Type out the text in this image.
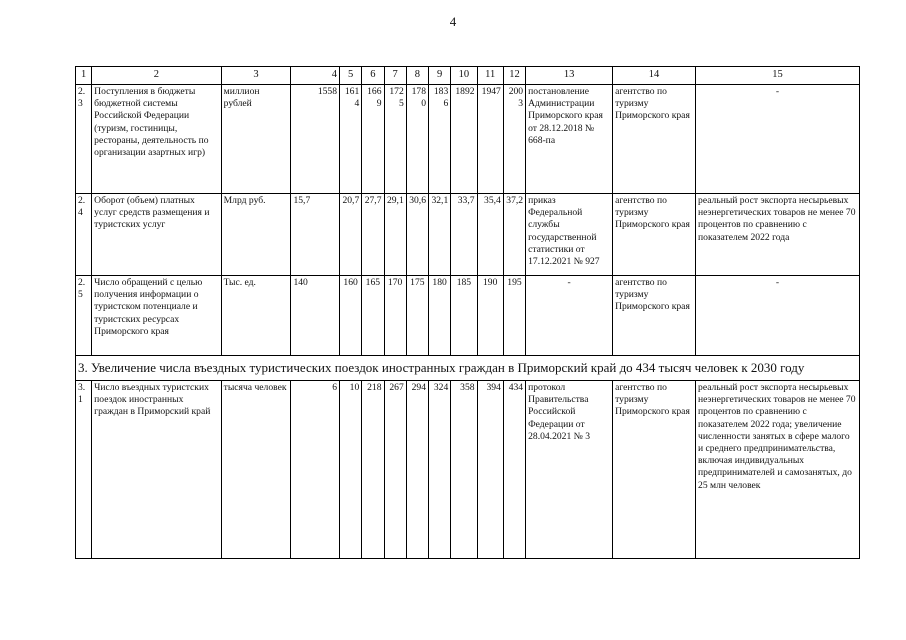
4
1	2	3	4	5	6	7	8	9	10	11	12	13	14	15
2.3	Поступления в бюджеты бюджетной системы Российской Федерации (туризм, гостиницы, рестораны, деятельность по организации азартных игр)	миллион рублей	1558	1614	1669	1725	1780	1836	1892	1947	2003	постановление Администрации Приморского края от 28.12.2018 № 668-па	агентство по туризму Приморского края	-
2.4	Оборот (объем) платных услуг средств размещения и туристских услуг	Млрд руб.	15,7	20,7	27,7	29,1	30,6	32,1	33,7	35,4	37,2	приказ Федеральной службы государственной статистики от 17.12.2021 № 927	агентство по туризму Приморского края	реальный рост экспорта несырьевых неэнергетических товаров не менее 70 процентов по сравнению с показателем 2022 года
2.5	Число обращений с целью получения информации о туристском потенциале и туристских ресурсах Приморского края	Тыс. ед.	140	160	165	170	175	180	185	190	195	-	агентство по туризму Приморского края	-
3. Увеличение числа въездных туристических поездок иностранных граждан в Приморский край до 434 тысяч человек к 2030 году														
3.1	Число въездных туристских поездок иностранных граждан в Приморский край	тысяча человек	6	10	218	267	294	324	358	394	434	протокол Правительства Российской Федерации от 28.04.2021 № 3	агентство по туризму Приморского края	реальный рост экспорта несырьевых неэнергетических товаров не менее 70 процентов по сравнению с показателем 2022 года; увеличение численности занятых в сфере малого и среднего предпринимательства, включая индивидуальных предпринимателей и самозанятых, до 25 млн человек
